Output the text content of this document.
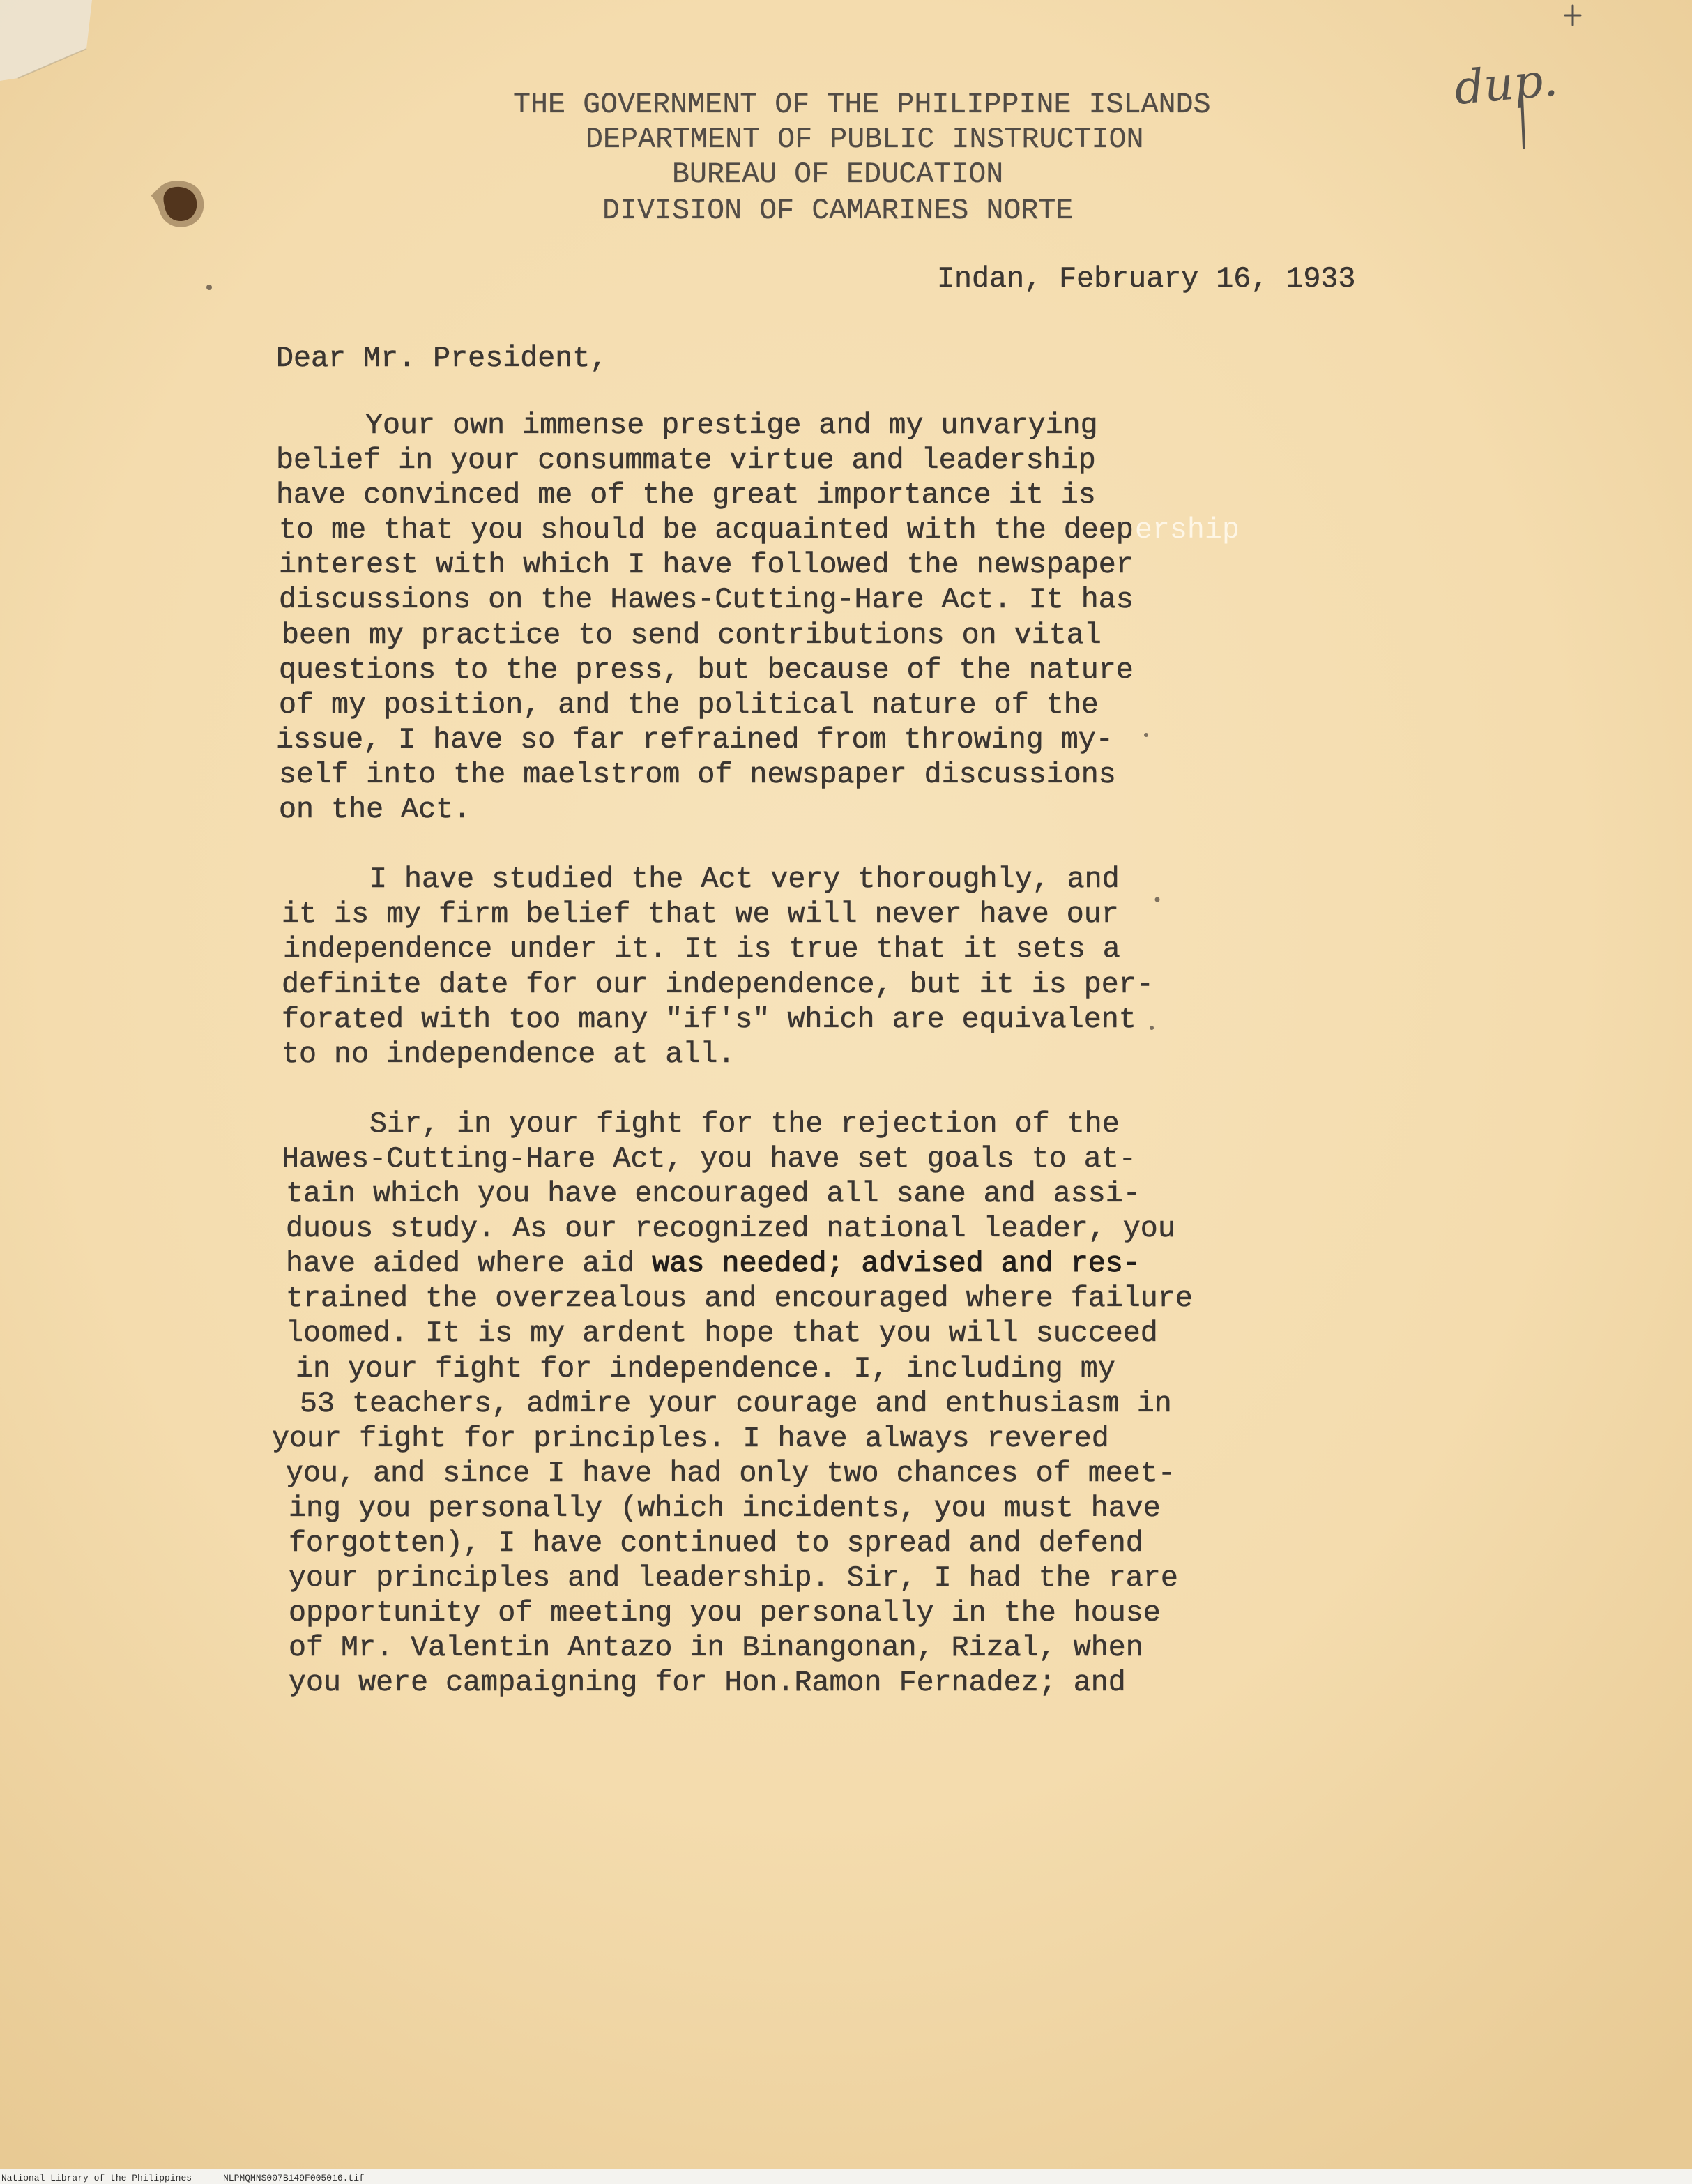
dup.
THE GOVERNMENT OF THE PHILIPPINE ISLANDS
DEPARTMENT OF PUBLIC INSTRUCTION
BUREAU OF EDUCATION
DIVISION OF CAMARINES NORTE
Indan, February 16, 1933
Dear Mr. President,
Your own immense prestige and my unvarying
belief in your consummate virtue and leadership
have convinced me of the great importance it is
to me that you should be acquainted with the deepership
interest with which I have followed the newspaper
discussions on the Hawes-Cutting-Hare Act. It has
been my practice to send contributions on vital
questions to the press, but because of the nature
of my position, and the political nature of the
issue, I have so far refrained from throwing my-
self into the maelstrom of newspaper discussions
on the Act.
I have studied the Act very thoroughly, and
it is my firm belief that we will never have our
independence under it. It is true that it sets a
definite date for our independence, but it is per-
forated with too many "if's" which are equivalent
to no independence at all.
Sir, in your fight for the rejection of the
Hawes-Cutting-Hare Act, you have set goals to at-
tain which you have encouraged all sane and assi-
duous study. As our recognized national leader, you
have aided where aid was needed; advised and res-
trained the overzealous and encouraged where failure
loomed. It is my ardent hope that you will succeed
in your fight for independence. I, including my
53 teachers, admire your courage and enthusiasm in
your fight for principles. I have always revered
you, and since I have had only two chances of meet-
ing you personally (which incidents, you must have
forgotten), I have continued to spread and defend
your principles and leadership. Sir, I had the rare
opportunity of meeting you personally in the house
of Mr. Valentin Antazo in Binangonan, Rizal, when
you were campaigning for Hon.Ramon Fernadez; and
National Library of the Philippines	NLPMQMNS007B149F005016.tif
